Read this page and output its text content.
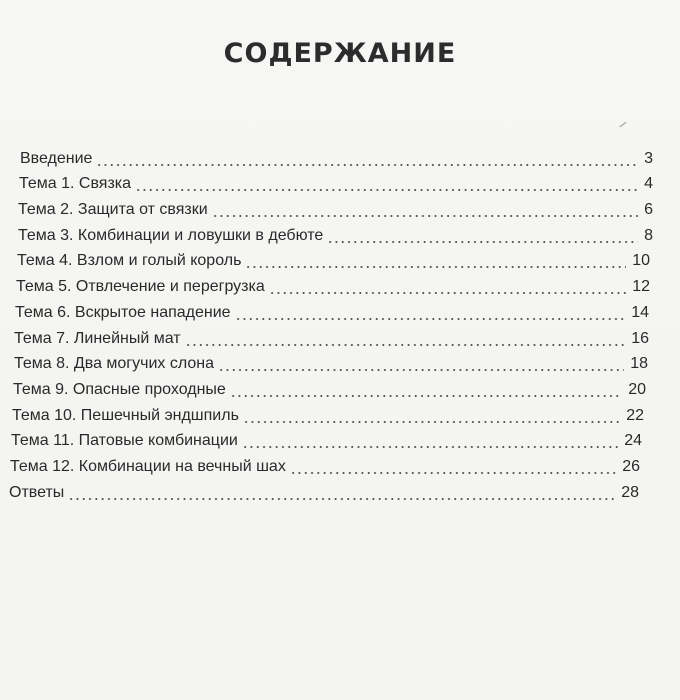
СОДЕРЖАНИЕ
Введение	3
Тема 1. Связка	4
Тема 2. Защита от связки	6
Тема 3. Комбинации и ловушки в дебюте	8
Тема 4. Взлом и голый король	10
Тема 5. Отвлечение и перегрузка	12
Тема 6. Вскрытое нападение	14
Тема 7. Линейный мат	16
Тема 8. Два могучих слона	18
Тема 9. Опасные проходные	20
Тема 10. Пешечный эндшпиль	22
Тема 11. Патовые комбинации	24
Тема 12. Комбинации на вечный шах	26
Ответы	28
